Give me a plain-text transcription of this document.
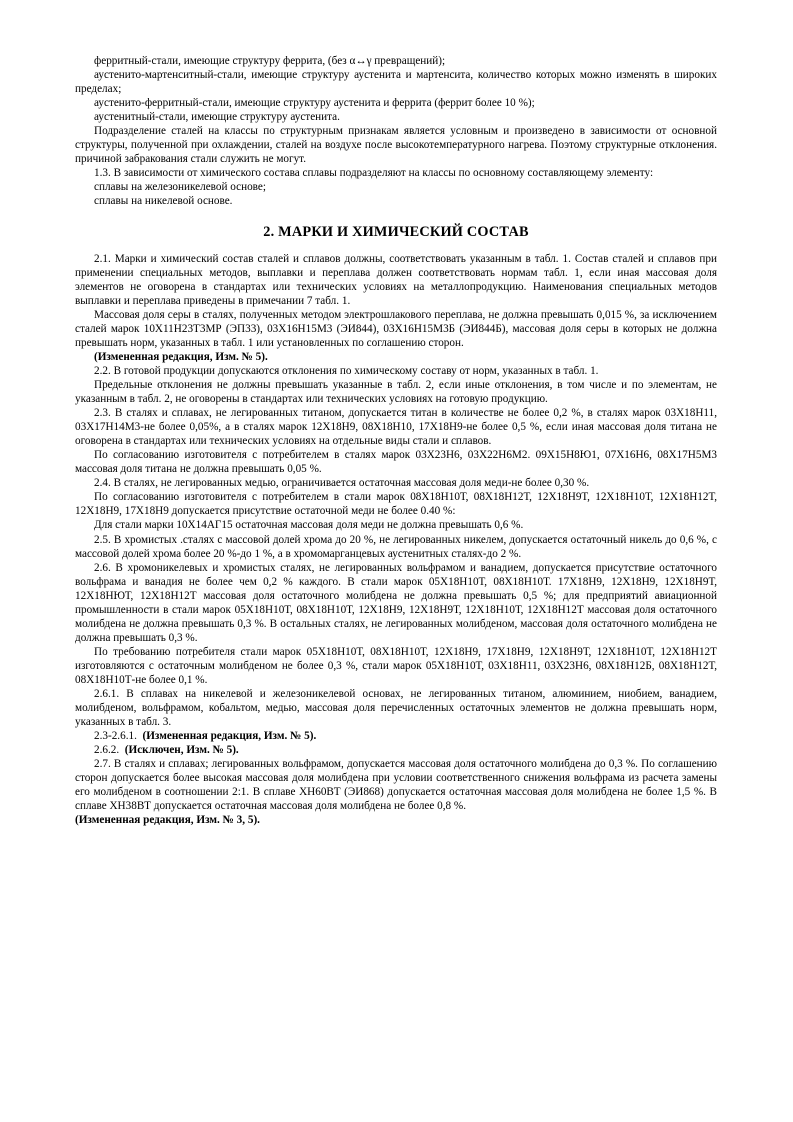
ферритный-стали, имеющие структуру феррита, (без α↔γ превращений);

аустенито-мартенситный-стали, имеющие структуру аустенита и мартенсита, количество которых можно изменять в широких пределах;

аустенито-ферритный-стали, имеющие структуру аустенита и феррита (феррит более 10 %);

аустенитный-стали, имеющие структуру аустенита.

Подразделение сталей на классы по структурным признакам является условным и произведено в зависимости от основной структуры, полученной при охлаждении, сталей на воздухе после высокотемпературного нагрева. Поэтому структурные отклонения. причиной забракования стали служить не могут.

1.3. В зависимости от химического состава сплавы подразделяют на классы по основному составляющему элементу:

сплавы на железоникелевой основе;

сплавы на никелевой основе.

2. МАРКИ И ХИМИЧЕСКИЙ СОСТАВ

2.1. Марки и химический состав сталей и сплавов должны, соответствовать указанным в табл. 1. Состав сталей и сплавов при применении специальных методов, выплавки и переплава должен соответствовать нормам табл. 1, если иная массовая доля элементов не оговорена в стандартах или технических условиях на металлопродукцию. Наименования специальных методов выплавки и переплава приведены в примечании 7 табл. 1.

Массовая доля серы в сталях, полученных методом электрошлакового переплава, не должна превышать 0,015 %, за исключением сталей марок 10Х11Н23Т3МР (ЭП33), 03Х16Н15М3 (ЭИ844), 03Х16Н15М3Б (ЭИ844Б), массовая доля серы в которых не должна превышать норм, указанных в табл. 1 или установленных по соглашению сторон.

(Измененная редакция, Изм. № 5).

2.2. В готовой продукции допускаются отклонения по химическому составу от норм, указанных в табл. 1.

Предельные отклонения не должны превышать указанные в табл. 2, если иные отклонения, в том числе и по элементам, не указанным в табл. 2, не оговорены в стандартах или технических условиях на готовую продукцию.

2.3. В сталях и сплавах, не легированных титаном, допускается титан в количестве не более 0,2 %, в сталях марок 03Х18Н11, 03Х17Н14М3-не более 0,05%, а в сталях марок 12Х18Н9, 08Х18Н10, 17Х18Н9-не более 0,5 %, если иная массовая доля титана не оговорена в стандартах или технических условиях на отдельные виды стали и сплавов.

По согласованию изготовителя с потребителем в сталях марок 03Х23Н6, 03Х22Н6М2. 09Х15Н8Ю1, 07Х16Н6, 08Х17Н5М3 массовая доля титана не должна превышать 0,05 %.

2.4. В сталях, не легированных медью, ограничивается остаточная массовая доля меди-не более 0,30 %.

По согласованию изготовителя с потребителем в стали марок 08Х18Н10Т, 08Х18Н12Т, 12Х18Н9Т, 12Х18Н10Т, 12Х18Н12Т, 12Х18Н9, 17Х18Н9 допускается присутствие остаточной меди не более 0.40 %:

Для стали марки 10Х14АГ15 остаточная массовая доля меди не должна превышать 0,6 %.

2.5. В хромистых .сталях с массовой долей хрома до 20 %, не легированных никелем, допускается остаточный никель до 0,6 %, с массовой долей хрома более 20 %-до 1 %, а в хромомарганцевых аустенитных сталях-до 2 %.

2.6. В хромоникелевых и хромистых сталях, не легированных вольфрамом и ванадием, допускается присутствие остаточного вольфрама и ванадия не более чем 0,2 % каждого. В стали марок 05Х18Н10Т, 08Х18Н10Т. 17Х18Н9, 12Х18Н9, 12Х18Н9Т, 12Х18НЮТ, 12Х18Н12Т массовая доля остаточного молибдена не должна превышать 0,5 %; для предприятий авиационной промышленности в стали марок 05Х18Н10Т, 08Х18Н10Т, 12Х18Н9, 12Х18Н9Т, 12Х18Н10Т, 12Х18Н12Т массовая доля остаточного молибдена не должна превышать 0,3 %. В остальных сталях, не легированных молибденом, массовая доля остаточного молибдена не должна превышать 0,3 %.

По требованию потребителя стали марок 05Х18Н10Т, 08Х18Н10Т, 12Х18Н9, 17Х18Н9, 12Х18Н9Т, 12Х18Н10Т, 12Х18Н12Т изготовляются с остаточным молибденом не более 0,3 %, стали марок 05Х18Н10Т, 03Х18Н11, 03Х23Н6, 08Х18Н12Б, 08Х18Н12Т, 08Х18Н10Т-не более 0,1 %.

2.6.1. В сплавах на никелевой и железоникелевой основах, не легированных титаном, алюминием, ниобием, ванадием, молибденом, вольфрамом, кобальтом, медью, массовая доля перечисленных остаточных элементов не должна превышать норм, указанных в табл. 3.

2.3-2.6.1. (Измененная редакция, Изм. № 5).

2.6.2. (Исключен, Изм. № 5).

2.7. В сталях и сплавах; легированных вольфрамом, допускается массовая доля остаточного молибдена до 0,3 %. По соглашению сторон допускается более высокая массовая доля молибдена при условии соответственного снижения вольфрама из расчета замены его молибденом в соотношении 2:1. В сплаве ХН60ВТ (ЭИ868) допускается остаточная массовая доля молибдена не более 1,5 %. В сплаве ХН38ВТ допускается остаточная массовая доля молибдена не более 0,8 %.

(Измененная редакция, Изм. № 3, 5).
